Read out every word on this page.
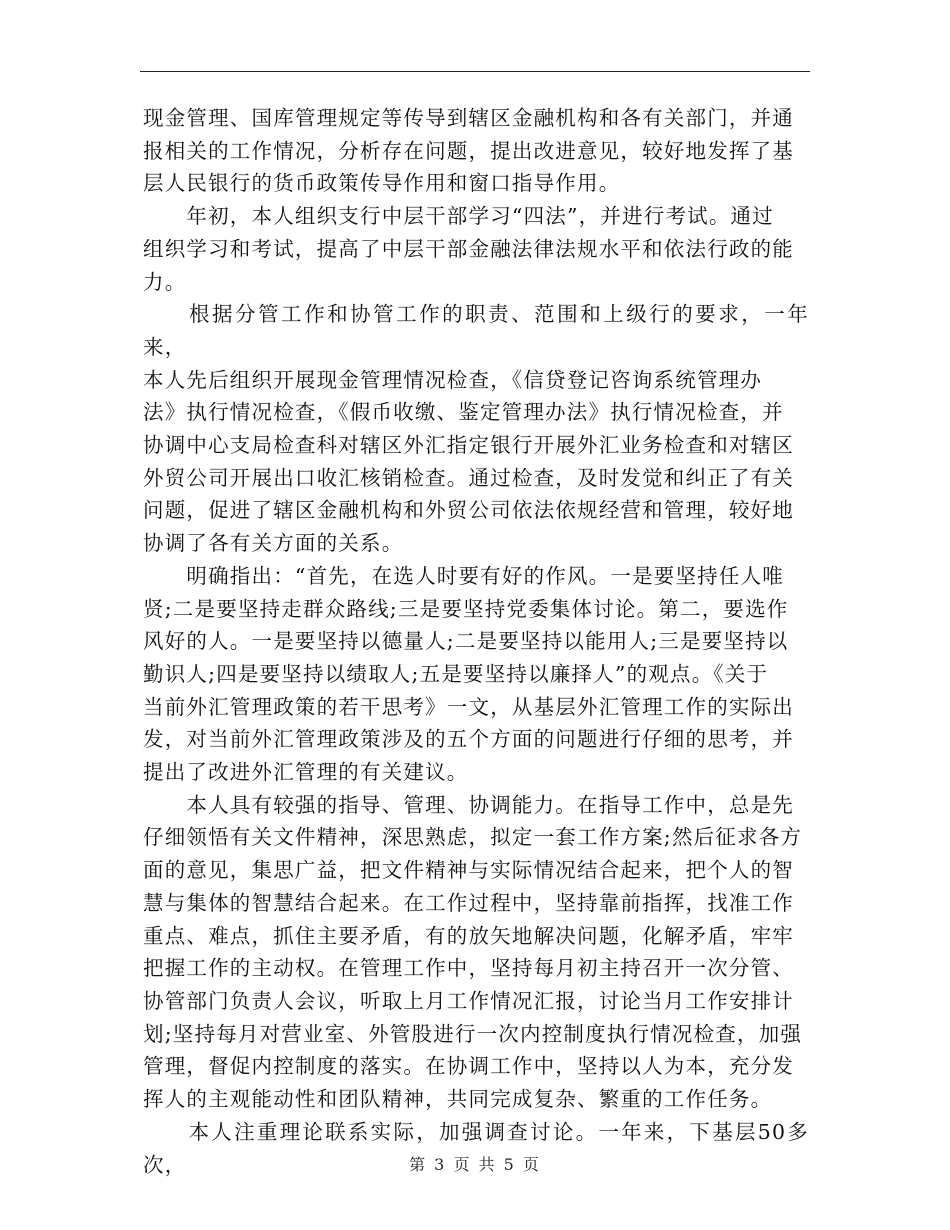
现金管理、国库管理规定等传导到辖区金融机构和各有关部门，并通
报相关的工作情况，分析存在问题，提出改进意见，较好地发挥了基
层人民银行的货币政策传导作用和窗口指导作用。

　　年初，本人组织支行中层干部学习“四法”，并进行考试。通过
组织学习和考试，提高了中层干部金融法律法规水平和依法行政的能
力。

　　根据分管工作和协管工作的职责、范围和上级行的要求，一年来，
本人先后组织开展现金管理情况检查，《信贷登记咨询系统管理办
法》执行情况检查，《假币收缴、鉴定管理办法》执行情况检查，并
协调中心支局检查科对辖区外汇指定银行开展外汇业务检查和对辖区
外贸公司开展出口收汇核销检查。通过检查，及时发觉和纠正了有关
问题，促进了辖区金融机构和外贸公司依法依规经营和管理，较好地
协调了各有关方面的关系。

　　明确指出：“首先，在选人时要有好的作风。一是要坚持任人唯
贤;二是要坚持走群众路线;三是要坚持党委集体讨论。第二，要选作
风好的人。一是要坚持以德量人;二是要坚持以能用人;三是要坚持以
勤识人;四是要坚持以绩取人;五是要坚持以廉择人”的观点。《关于
当前外汇管理政策的若干思考》一文，从基层外汇管理工作的实际出
发，对当前外汇管理政策涉及的五个方面的问题进行仔细的思考，并
提出了改进外汇管理的有关建议。

　　本人具有较强的指导、管理、协调能力。在指导工作中，总是先
仔细领悟有关文件精神，深思熟虑，拟定一套工作方案;然后征求各方
面的意见，集思广益，把文件精神与实际情况结合起来，把个人的智
慧与集体的智慧结合起来。在工作过程中，坚持靠前指挥，找准工作
重点、难点，抓住主要矛盾，有的放矢地解决问题，化解矛盾，牢牢
把握工作的主动权。在管理工作中，坚持每月初主持召开一次分管、
协管部门负责人会议，听取上月工作情况汇报，讨论当月工作安排计
划;坚持每月对营业室、外管股进行一次内控制度执行情况检查，加强
管理，督促内控制度的落实。在协调工作中，坚持以人为本，充分发
挥人的主观能动性和团队精神，共同完成复杂、繁重的工作任务。

　　本人注重理论联系实际，加强调查讨论。一年来，下基层50多次，	第 3 页 共 5 页
